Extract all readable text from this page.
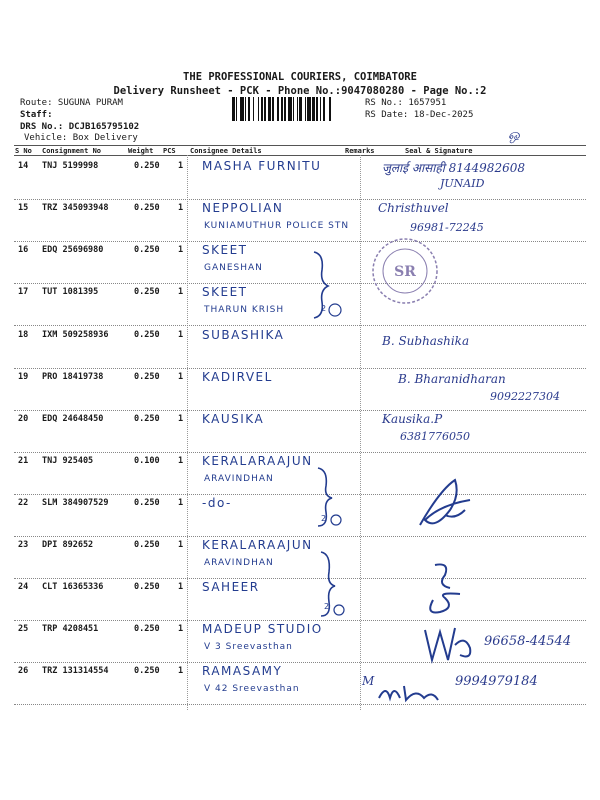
THE PROFESSIONAL COURIERS, COIMBATORE
Delivery Runsheet - PCK - Phone No.:9047080280 - Page No.:2
Route: SUGUNA PURAM
Staff:
DRS No.: DCJB165795102
Vehicle: Box Delivery
RS No.: 1657951
RS Date: 18-Dec-2025
ஒ
S No Consignment No	Weight PCS Consignee Details	Remarks	Seal & Signature
14 TNJ 5199998	0.250 1 MASHA FURNITU	जुलाई आसाही 8144982608
JUNAID
15 TRZ 345093948	0.250 1 NEPPOLIAN
KUNIAMUTHUR POLICE STN
Christhuvel
96981-72245
16 EDQ 25696980	0.250 1 SKEET
GANESHAN
17 TUT 1081395	0.250 1 SKEET
THARUN KRISH
18 IXM 509258936	0.250 1 SUBASHIKA	B. Subhashika
19 PRO 18419738	0.250 1 KADIRVEL	B. Bharanidharan
9092227304
20 EDQ 24648450	0.250 1 KAUSIKA	Kausika.P
6381776050
21 TNJ 925405	0.100 1 KERALARAAJUN
ARAVINDHAN
22 SLM 384907529	0.250 1 -do-
23 DPI 892652	0.250 1 KERALARAAJUN
ARAVINDHAN
24 CLT 16365336	0.250 1 SAHEER
25 TRP 4208451	0.250 1 MADEUP STUDIO
V 3 Sreevasthan	96658-44544
26 TRZ 131314554	0.250 1 RAMASAMY
V 42 Sreevasthan
M	9994979184
SR
2
2
2
